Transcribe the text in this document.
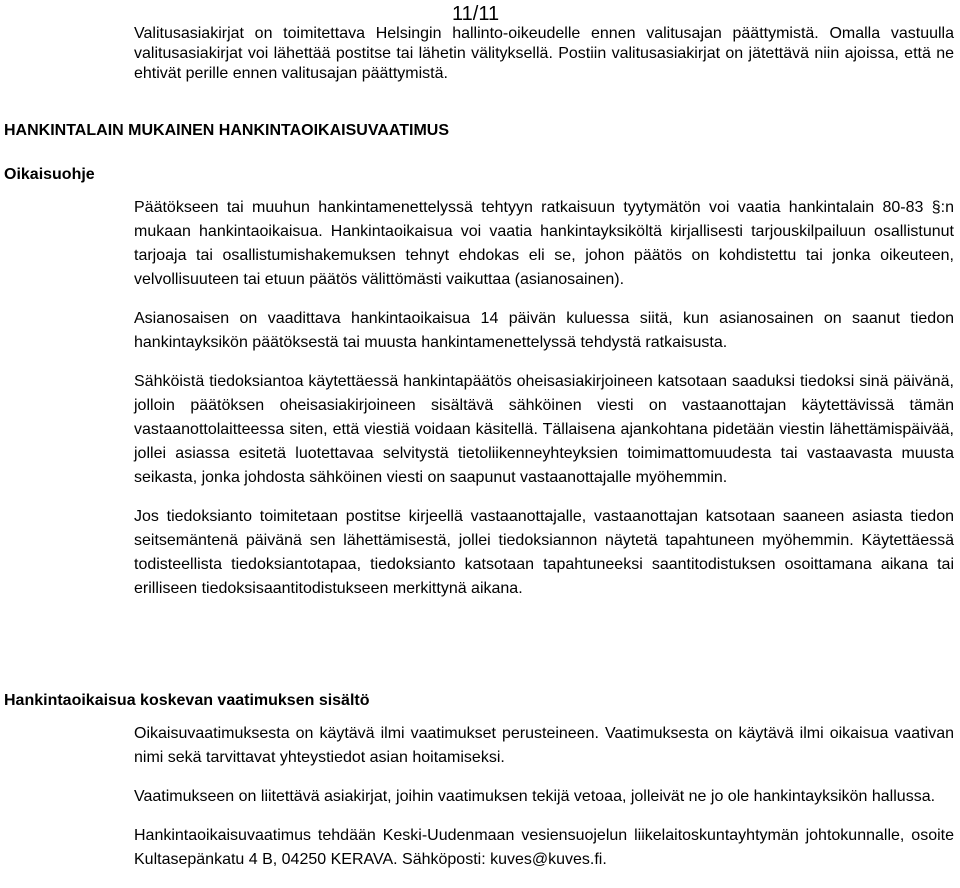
11/11

Valitusasiakirjat on toimitettava Helsingin hallinto-oikeudelle ennen valitusajan päättymistä. Omalla vastuulla valitusasiakirjat voi lähettää postitse tai lähetin välityksellä. Postiin valitusasiakirjat on jätettävä niin ajoissa, että ne ehtivät perille ennen valitusajan päättymistä.

HANKINTALAIN MUKAINEN HANKINTAOIKAISUVAATIMUS
Oikaisuohje

Päätökseen tai muuhun hankintamenettelyssä tehtyyn ratkaisuun tyytymätön voi vaatia hankintalain 80-83 §:n mukaan hankintaoikaisua. Hankintaoikaisua voi vaatia hankintayksiköltä kirjallisesti tarjouskilpailuun osallistunut tarjoaja tai osallistumishakemuksen tehnyt ehdokas eli se, johon päätös on kohdistettu tai jonka oikeuteen, velvollisuuteen tai etuun päätös välittömästi vaikuttaa (asianosainen).

Asianosaisen on vaadittava hankintaoikaisua 14 päivän kuluessa siitä, kun asianosainen on saanut tiedon hankintayksikön päätöksestä tai muusta hankintamenettelyssä tehdystä ratkaisusta.

Sähköistä tiedoksiantoa käytettäessä hankintapäätös oheisasiakirjoineen katsotaan saaduksi tiedoksi sinä päivänä, jolloin päätöksen oheisasiakirjoineen sisältävä sähköinen viesti on vastaanottajan käytettävissä tämän vastaanottolaitteessa siten, että viestiä voidaan käsitellä. Tällaisena ajankohtana pidetään viestin lähettämispäivää, jollei asiassa esitetä luotettavaa selvitystä tietoliikenneyhteyksien toimimattomuudesta tai vastaavasta muusta seikasta, jonka johdosta sähköinen viesti on saapunut vastaanottajalle myöhemmin.

Jos tiedoksianto toimitetaan postitse kirjeellä vastaanottajalle, vastaanottajan katsotaan saaneen asiasta tiedon seitsemäntenä päivänä sen lähettämisestä, jollei tiedoksiannon näytetä tapahtuneen myöhemmin. Käytettäessä todisteellista tiedoksiantotapaa, tiedoksianto katsotaan tapahtuneeksi saantitodistuksen osoittamana aikana tai erilliseen tiedoksisaantitodistukseen merkittynä aikana.

Hankintaoikaisua koskevan vaatimuksen sisältö

Oikaisuvaatimuksesta on käytävä ilmi vaatimukset perusteineen. Vaatimuksesta on käytävä ilmi oikaisua vaativan nimi sekä tarvittavat yhteystiedot asian hoitamiseksi.

Vaatimukseen on liitettävä asiakirjat, joihin vaatimuksen tekijä vetoaa, jolleivät ne jo ole hankintayksikön hallussa.

Hankintaoikaisuvaatimus tehdään Keski-Uudenmaan vesiensuojelun liikelaitoskuntayhtymän johtokunnalle, osoite Kultasepänkatu 4 B, 04250 KERAVA. Sähköposti: kuves@kuves.fi.
